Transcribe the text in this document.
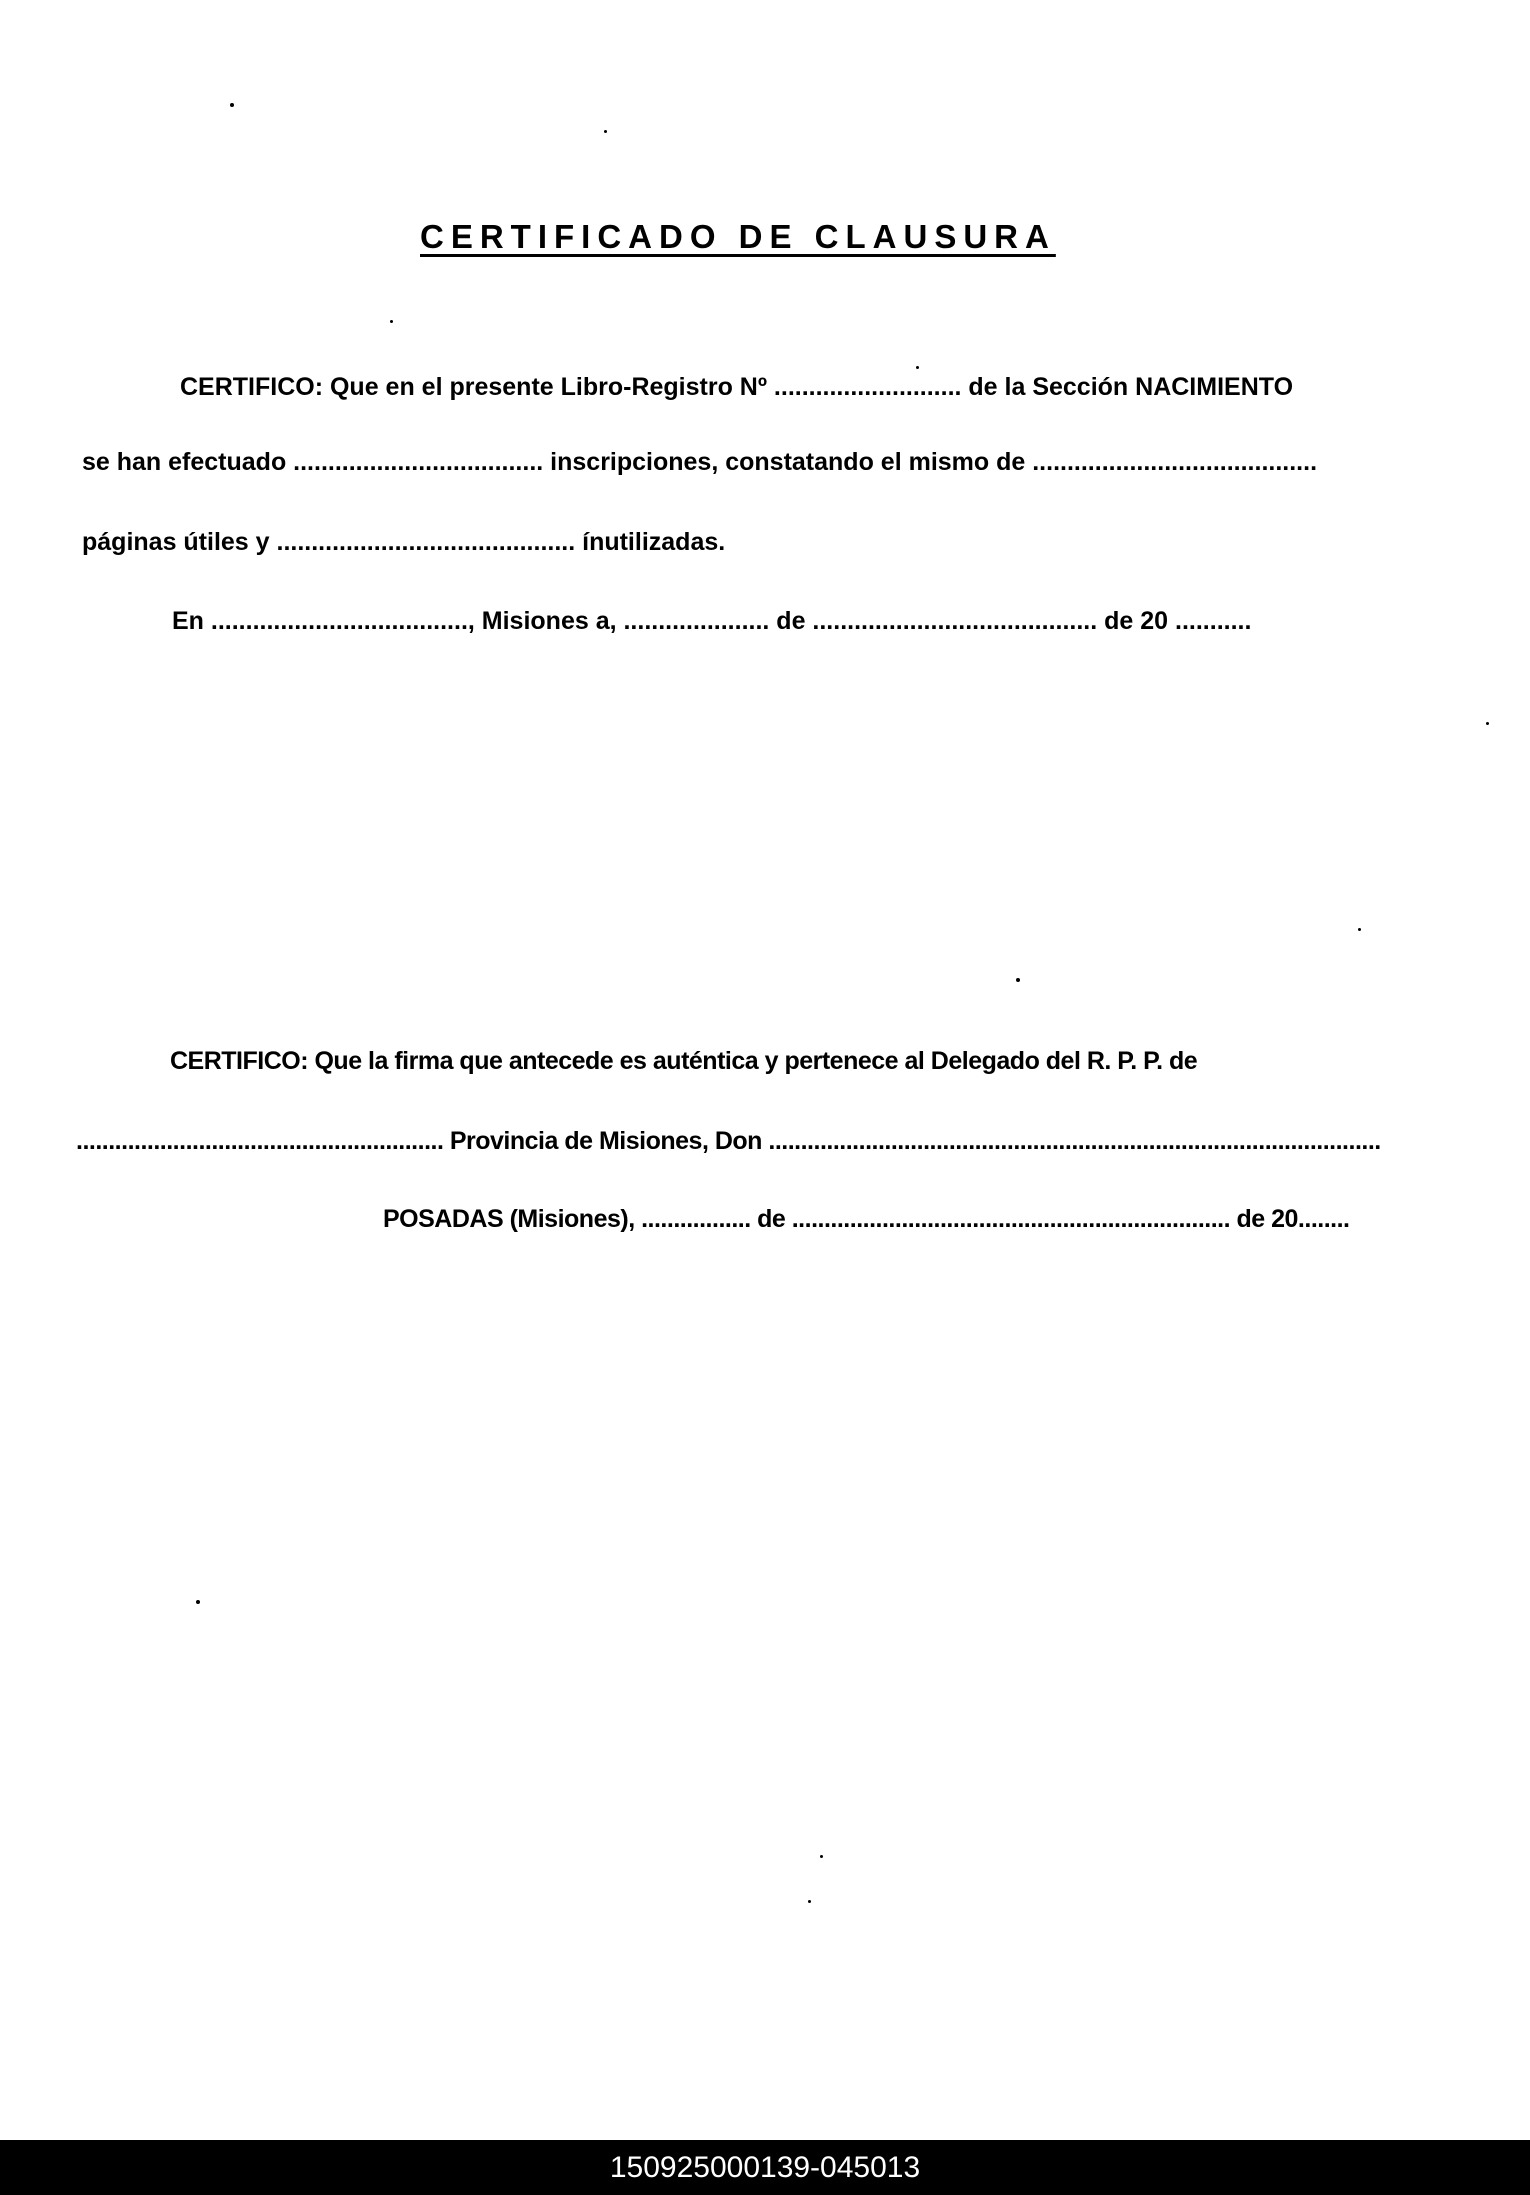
CERTIFICADO DE CLAUSURA
CERTIFICO: Que en el presente Libro-Registro Nº ........................... de la Sección NACIMIENTO
se han efectuado .................................... inscripciones, constatando el mismo de .........................................
páginas útiles y ........................................... ínutilizadas.
En ....................................., Misiones a, ..................... de ......................................... de 20 ...........
CERTIFICO: Que la firma que antecede es auténtica y pertenece al Delegado del R. P. P. de
......................................................... Provincia de Misiones, Don ...............................................................................................
POSADAS (Misiones), ................. de .................................................................... de 20........
150925000139-045013
